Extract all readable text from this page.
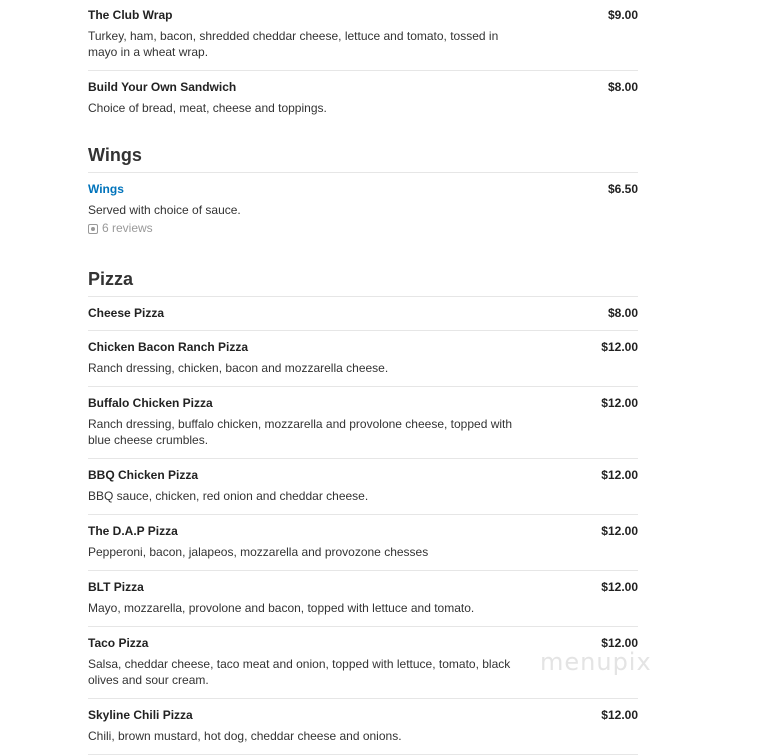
The Club Wrap	$9.00
Turkey, ham, bacon, shredded cheddar cheese, lettuce and tomato, tossed in mayo in a wheat wrap.
Build Your Own Sandwich	$8.00
Choice of bread, meat, cheese and toppings.
Wings
Wings	$6.50
Served with choice of sauce.
6 reviews
Pizza
Cheese Pizza	$8.00
Chicken Bacon Ranch Pizza	$12.00
Ranch dressing, chicken, bacon and mozzarella cheese.
Buffalo Chicken Pizza	$12.00
Ranch dressing, buffalo chicken, mozzarella and provolone cheese, topped with blue cheese crumbles.
BBQ Chicken Pizza	$12.00
BBQ sauce, chicken, red onion and cheddar cheese.
The D.A.P Pizza	$12.00
Pepperoni, bacon, jalapeos, mozzarella and provozone chesses
BLT Pizza	$12.00
Mayo, mozzarella, provolone and bacon, topped with lettuce and tomato.
Taco Pizza	$12.00
Salsa, cheddar cheese, taco meat and onion, topped with lettuce, tomato, black olives and sour cream.
Skyline Chili Pizza	$12.00
Chili, brown mustard, hot dog, cheddar cheese and onions.
menupix
